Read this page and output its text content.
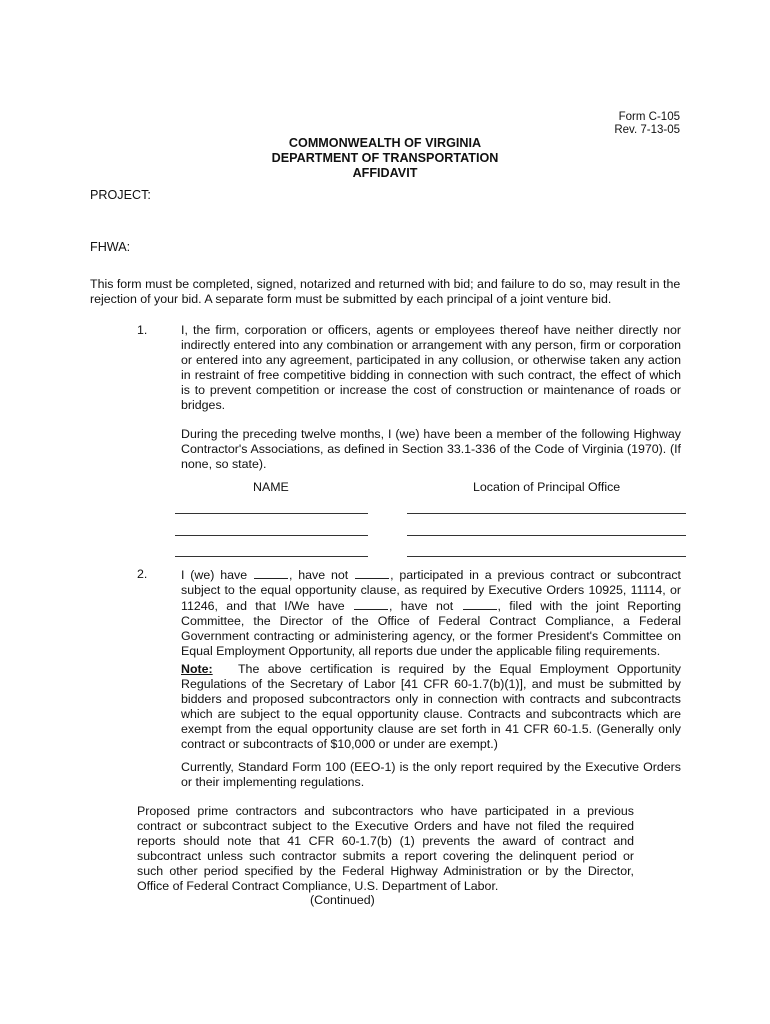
Form C-105
Rev. 7-13-05
COMMONWEALTH OF VIRGINIA
DEPARTMENT OF TRANSPORTATION
AFFIDAVIT
PROJECT:
FHWA:
This form must be completed, signed, notarized and returned with bid; and failure to do so, may result in the rejection of your bid. A separate form must be submitted by each principal of a joint venture bid.
1.	I, the firm, corporation or officers, agents or employees thereof have neither directly nor indirectly entered into any combination or arrangement with any person, firm or corporation or entered into any agreement, participated in any collusion, or otherwise taken any action in restraint of free competitive bidding in connection with such contract, the effect of which is to prevent competition or increase the cost of construction or maintenance of roads or bridges.
During the preceding twelve months, I (we) have been a member of the following Highway Contractor's Associations, as defined in Section 33.1-336 of the Code of Virginia (1970). (If none, so state).
NAME	Location of Principal Office
2.	I (we) have	, have not	, participated in a previous contract or subcontract subject to the equal opportunity clause, as required by Executive Orders 10925, 11114, or 11246, and that I/We have	, have not	, filed with the joint Reporting Committee, the Director of the Office of Federal Contract Compliance, a Federal Government contracting or administering agency, or the former President's Committee on Equal Employment Opportunity, all reports due under the applicable filing requirements.
Note: The above certification is required by the Equal Employment Opportunity Regulations of the Secretary of Labor [41 CFR 60-1.7(b)(1)], and must be submitted by bidders and proposed subcontractors only in connection with contracts and subcontracts which are subject to the equal opportunity clause. Contracts and subcontracts which are exempt from the equal opportunity clause are set forth in 41 CFR 60-1.5. (Generally only contract or subcontracts of $10,000 or under are exempt.)
Currently, Standard Form 100 (EEO-1) is the only report required by the Executive Orders or their implementing regulations.
Proposed prime contractors and subcontractors who have participated in a previous contract or subcontract subject to the Executive Orders and have not filed the required reports should note that 41 CFR 60-1.7(b) (1) prevents the award of contract and subcontract unless such contractor submits a report covering the delinquent period or such other period specified by the Federal Highway Administration or by the Director, Office of Federal Contract Compliance, U.S. Department of Labor.
(Continued)
